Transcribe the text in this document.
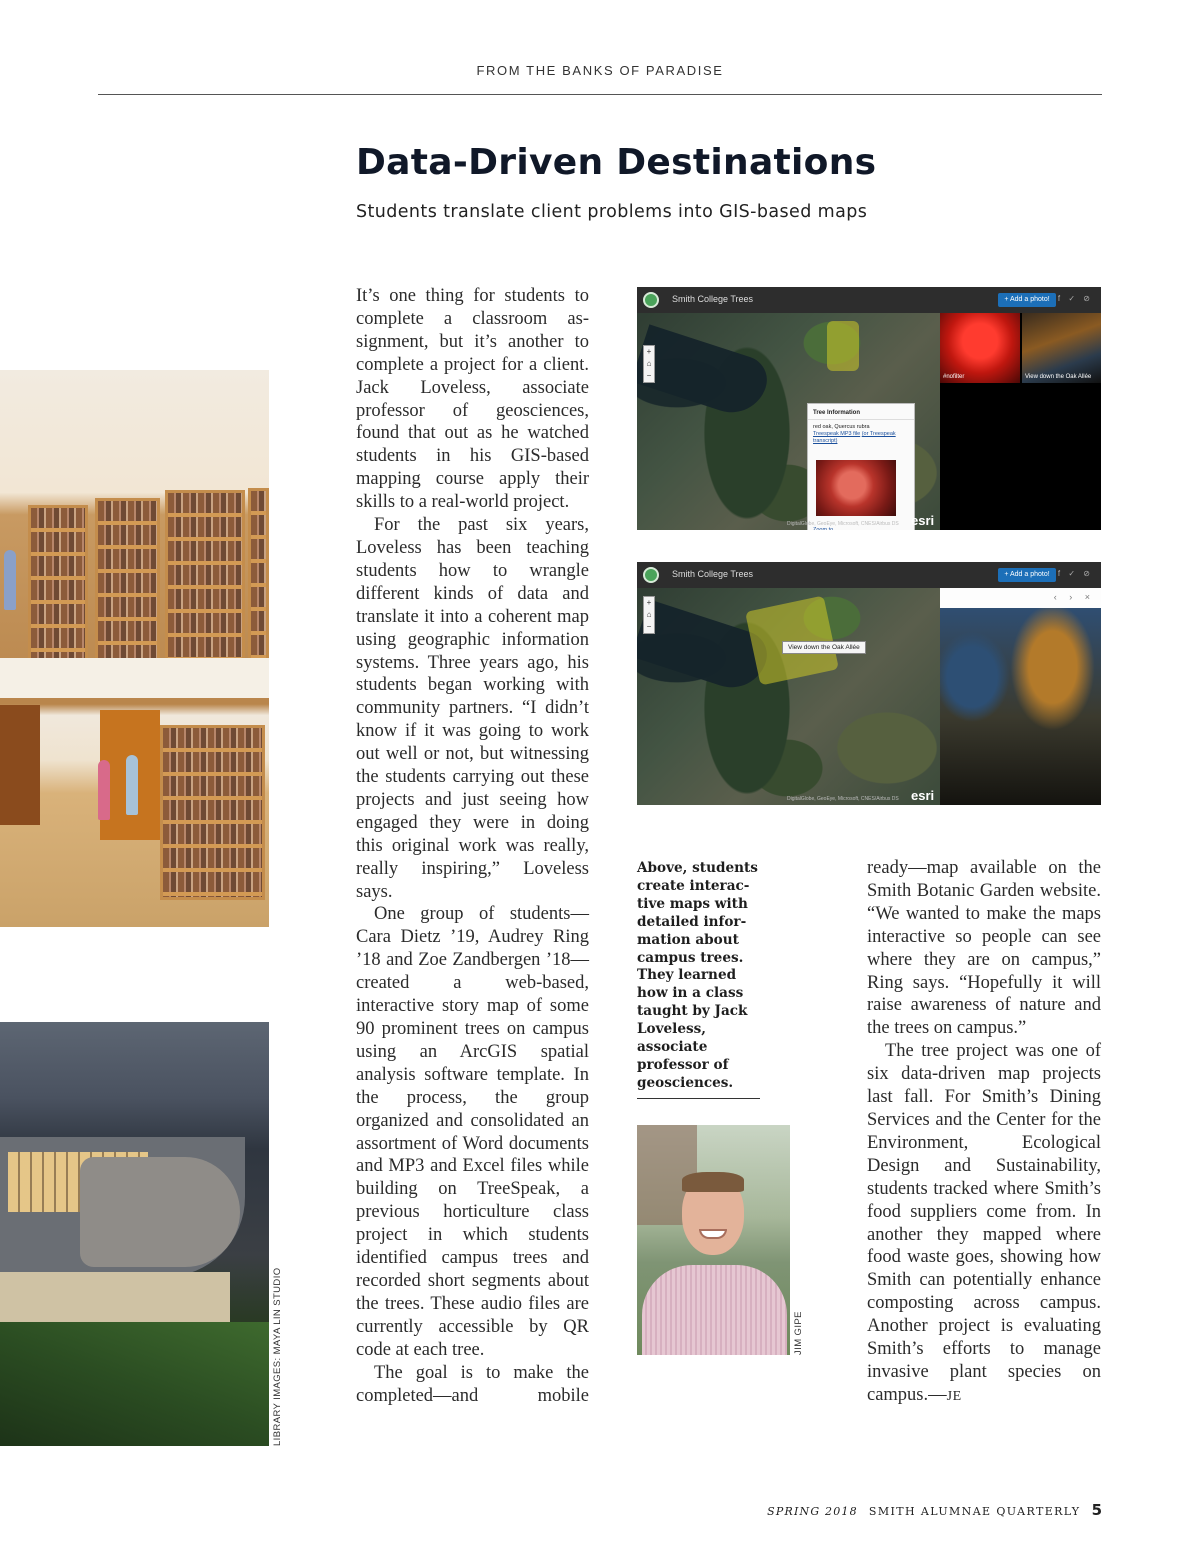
FROM THE BANKS OF PARADISE
Data-Driven Destinations
Students translate client problems into GIS-based maps
LIBRARY IMAGES: MAYA LIN STUDIO

It’s one thing for students to complete a classroom assignment, but it’s another to complete a project for a client. Jack Loveless, associate professor of geosciences, found that out as he watched students in his GIS-based mapping course apply their skills to a real-world project.

For the past six years, Loveless has been teaching students how to wrangle different kinds of data and translate it into a coherent map using geographic information systems. Three years ago, his students began working with community partners. “I didn’t know if it was going to work out well or not, but witnessing the students carrying out these projects and just seeing how engaged they were in doing this original work was really, really inspiring,” Loveless says.

One group of students—Cara Dietz ’19, Audrey Ring ’18 and Zoe Zandbergen ’18—created a web-based, interactive story map of some 90 prominent trees on campus using an ArcGIS spatial analysis software template. In the process, the group organized and consolidated an assortment of Word documents and MP3 and Excel files while building on TreeSpeak, a previous horticulture class project in which students identified campus trees and recorded short segments about the trees. These audio files are currently accessible by QR code at each tree.

The goal is to make the completed—and mobile

Smith College Trees	+ Add a photo!	f ✓ ⊘
+
⌂
−
Tree Information
red oak, Quercus rubra
Treespeak MP3 file (or Treespeak transcript)
Zoom to
DigitalGlobe, GeoEye, Microsoft, CNES/Airbus DS esri
#nofilter	View down the Oak Allée
Smith College Trees	+ Add a photo!	f ✓ ⊘
+
⌂
−
View down the Oak Allée
DigitalGlobe, GeoEye, Microsoft, CNES/Airbus DS esri
‹ › ×
Above, students create interactive maps with detailed information about campus trees. They learned how in a class taught by Jack Loveless, associate professor of geosciences.
JIM GIPE

ready—map available on the Smith Botanic Garden website. “We wanted to make the maps interactive so people can see where they are on campus,” Ring says. “Hopefully it will raise awareness of nature and the trees on campus.”

The tree project was one of six data-driven map projects last fall. For Smith’s Dining Services and the Center for the Environment, Ecological Design and Sustainability, students tracked where Smith’s food suppliers come from. In another they mapped where food waste goes, showing how Smith can potentially enhance composting across campus. Another project is evaluating Smith’s efforts to manage invasive plant species on campus.—JE

SPRING 2018 SMITH ALUMNAE QUARTERLY 5
